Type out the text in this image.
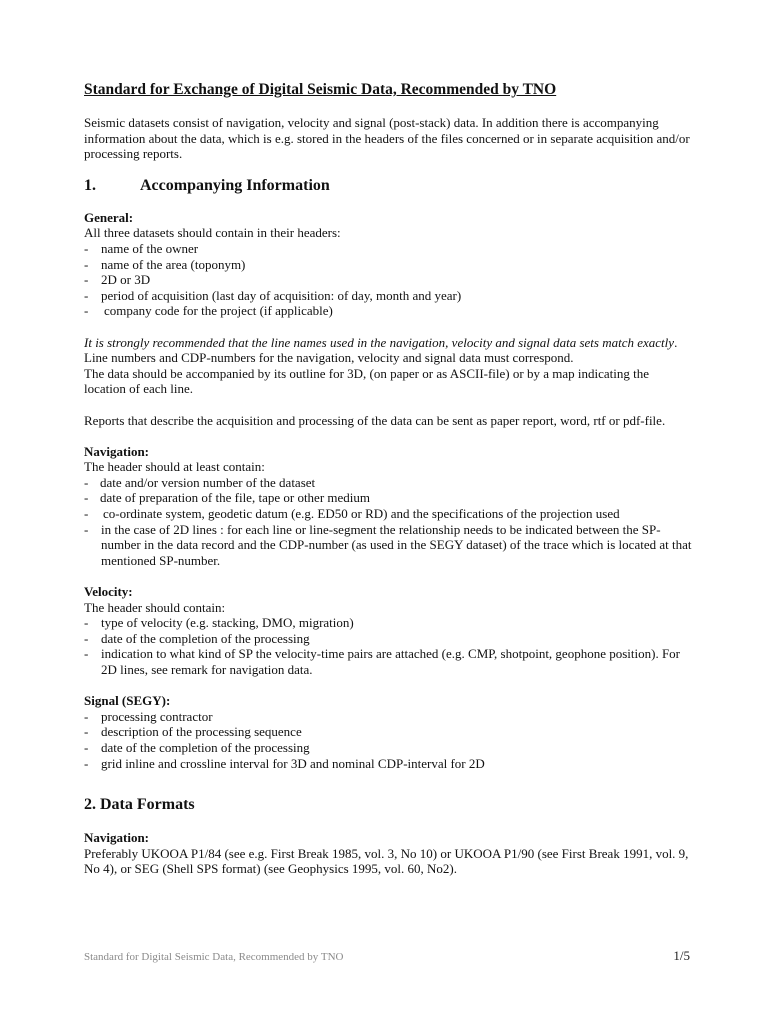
Standard for Exchange of Digital Seismic Data, Recommended by TNO

Seismic datasets consist of navigation, velocity and signal (post-stack) data. In addition there is accompanying information about the data, which is e.g. stored in the headers of the files concerned or in separate acquisition and/or processing reports.

1.	Accompanying Information

General:

All three datasets should contain in their headers:

- name of the owner
- name of the area (toponym)
- 2D or 3D
- period of acquisition (last day of acquisition: of day, month and year)
-	company code for the project (if applicable)

It is strongly recommended that the line names used in the navigation, velocity and signal data sets match exactly.

Line numbers and CDP-numbers for the navigation, velocity and signal data must correspond.

The data should be accompanied by its outline for 3D, (on paper or as ASCII-file) or by a map indicating the location of each line.

Reports that describe the acquisition and processing of the data can be sent as paper report, word, rtf or pdf-file.

Navigation:

The header should at least contain:

- date and/or version number of the dataset
- date of preparation of the file, tape or other medium
-	co-ordinate system, geodetic datum (e.g. ED50 or RD) and the specifications of the projection used
- in the case of 2D lines : for each line or line-segment the relationship needs to be indicated between the SP-number in the data record and the CDP-number (as used in the SEGY dataset) of the trace which is located at that mentioned SP-number.

Velocity:

The header should contain:

- type of velocity (e.g. stacking, DMO, migration)
- date of the completion of the processing
- indication to what kind of SP the velocity-time pairs are attached (e.g. CMP, shotpoint, geophone position). For 2D lines, see remark for navigation data.

Signal (SEGY):

- processing contractor
- description of the processing sequence
- date of the completion of the processing
- grid inline and crossline interval for 3D and nominal CDP-interval for 2D
2. Data Formats

Navigation:

Preferably UKOOA P1/84 (see e.g. First Break 1985, vol. 3, No 10) or UKOOA P1/90 (see First Break 1991, vol. 9, No 4), or SEG (Shell SPS format) (see Geophysics 1995, vol. 60, No2).

Standard for Digital Seismic Data, Recommended by TNO	1/5
